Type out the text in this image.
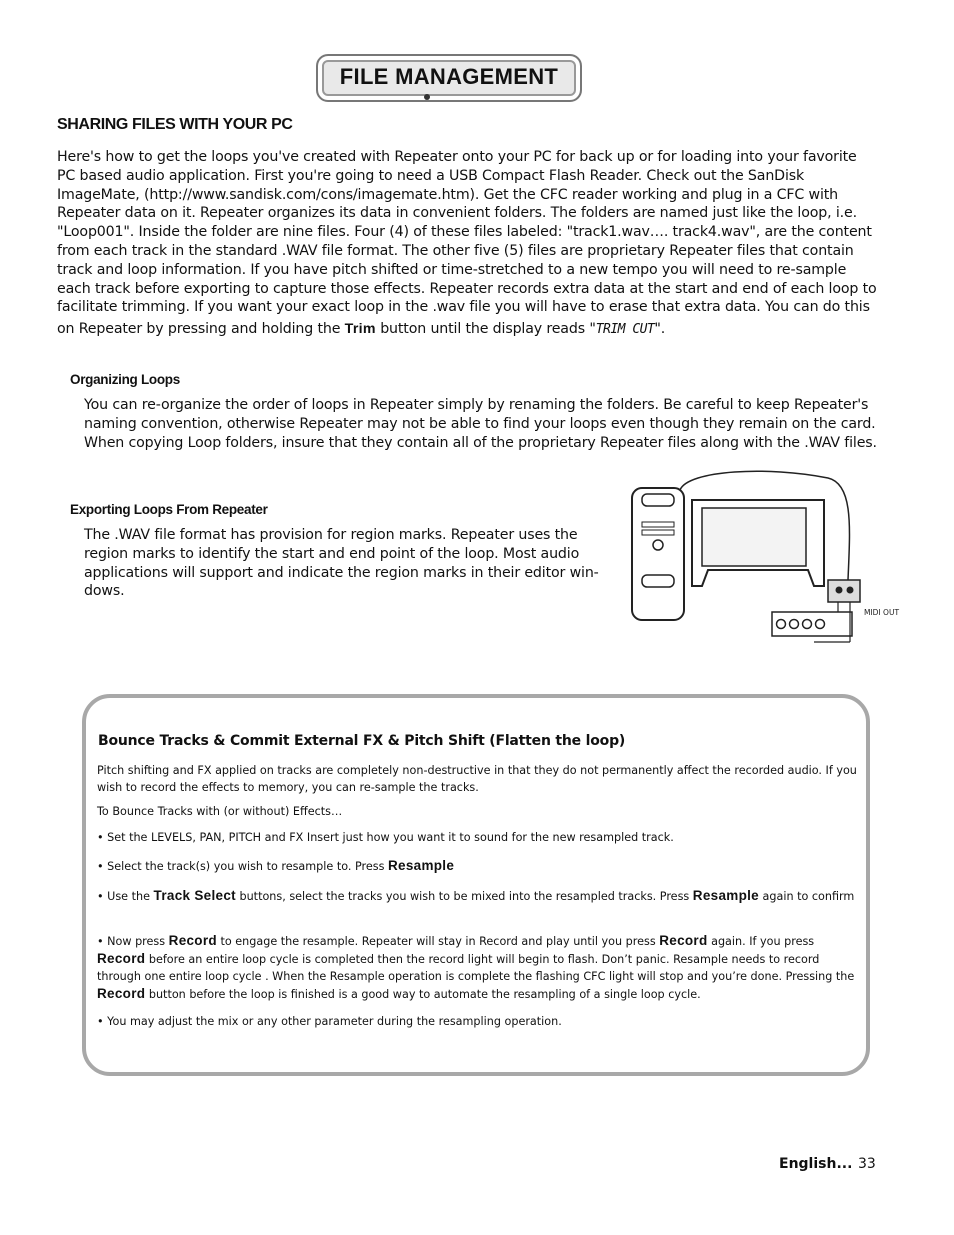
FILE MANAGEMENT
SHARING FILES WITH YOUR PC
Here's how to get the loops you've created with Repeater onto your PC for back up or for loading into your favorite
PC based audio application. First you're going to need a USB Compact Flash Reader. Check out the SanDisk
ImageMate, (http://www.sandisk.com/cons/imagemate.htm). Get the CFC reader working and plug in a CFC with
Repeater data on it. Repeater organizes its data in convenient folders. The folders are named just like the loop, i.e.
"Loop001". Inside the folder are nine files. Four (4) of these files labeled: "track1.wav…. track4.wav", are the content
from each track in the standard .WAV file format. The other five (5) files are proprietary Repeater files that contain
track and loop information. If you have pitch shifted or time-stretched to a new tempo you will need to re-sample
each track before exporting to capture those effects. Repeater records extra data at the start and end of each loop to
facilitate trimming. If you want your exact loop in the .wav file you will have to erase that extra data. You can do this
on Repeater by pressing and holding the Trim button until the display reads "TRIM CUT".
Organizing Loops
You can re-organize the order of loops in Repeater simply by renaming the folders. Be careful to keep Repeater's naming convention, otherwise Repeater may not be able to find your loops even though they remain on the card. When copying Loop folders, insure that they contain all of the proprietary Repeater files along with the .WAV files.
Exporting Loops From Repeater
The .WAV file format has provision for region marks. Repeater uses the region marks to identify the start and end point of the loop. Most audio applications will support and indicate the region marks in their editor win-dows.
MIDI OUT
Bounce Tracks & Commit External FX & Pitch Shift (Flatten the loop)
Pitch shifting and FX applied on tracks are completely non-destructive in that they do not permanently affect the recorded audio. If you wish to record the effects to memory, you can re-sample the tracks.
To Bounce Tracks with (or without) Effects…
• Set the LEVELS, PAN, PITCH and FX Insert just how you want it to sound for the new resampled track.
• Select the track(s) you wish to resample to. Press Resample
• Use the Track Select buttons, select the tracks you wish to be mixed into the resampled tracks. Press Resample again to confirm
• Now press Record to engage the resample. Repeater will stay in Record and play until you press Record again. If you press Record before an entire loop cycle is completed then the record light will begin to flash. Don’t panic. Resample needs to record through one entire loop cycle . When the Resample operation is complete the flashing CFC light will stop and you’re done. Pressing the Record button before the loop is finished is a good way to automate the resampling of a single loop cycle.
• You may adjust the mix or any other parameter during the resampling operation.
English... 33
